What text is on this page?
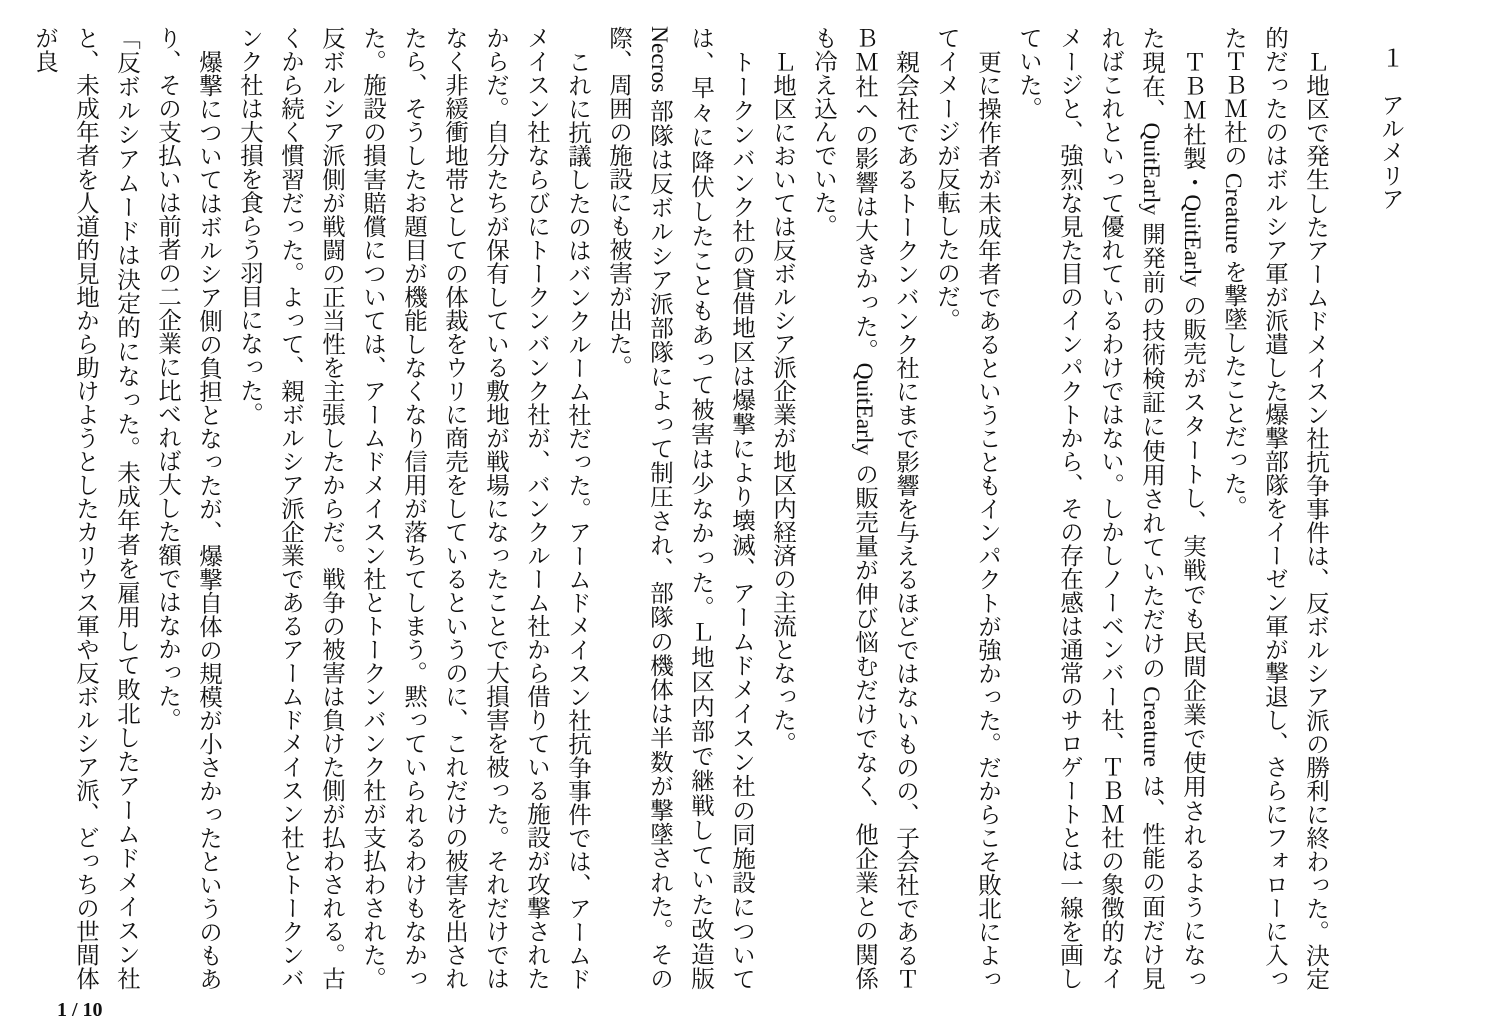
１　アルメリア

Ｌ地区で発生したアームドメイスン社抗争事件は、反ボルシア派の勝利に終わった。決定的だったのはボルシア軍が派遣した爆撃部隊をイーゼン軍が撃退し、さらにフォローに入ったＴＢＭ社の Creature を撃墜したことだった。

ＴＢＭ社製・QuitEarly の販売がスタートし、実戦でも民間企業で使用されるようになった現在、QuitEarly 開発前の技術検証に使用されていただけの Creature は、性能の面だけ見ればこれといって優れているわけではない。しかしノーベンバー社、ＴＢＭ社の象徴的なイメージと、強烈な見た目のインパクトから、その存在感は通常のサロゲートとは一線を画していた。

更に操作者が未成年者であるということもインパクトが強かった。だからこそ敗北によってイメージが反転したのだ。

親会社であるトークンバンク社にまで影響を与えるほどではないものの、子会社であるＴＢＭ社への影響は大きかった。QuitEarly の販売量が伸び悩むだけでなく、他企業との関係も冷え込んでいた。

Ｌ地区においては反ボルシア派企業が地区内経済の主流となった。

トークンバンク社の貸借地区は爆撃により壊滅、アームドメイスン社の同施設については、早々に降伏したこともあって被害は少なかった。Ｌ地区内部で継戦していた改造版 Necros 部隊は反ボルシア派部隊によって制圧され、部隊の機体は半数が撃墜された。その際、周囲の施設にも被害が出た。

これに抗議したのはバンクルーム社だった。アームドメイスン社抗争事件では、アームドメイスン社ならびにトークンバンク社が、バンクルーム社から借りている施設が攻撃されたからだ。自分たちが保有している敷地が戦場になったことで大損害を被った。それだけではなく非緩衝地帯としての体裁をウリに商売をしているというのに、これだけの被害を出されたら、そうしたお題目が機能しなくなり信用が落ちてしまう。黙っていられるわけもなかった。施設の損害賠償については、アームドメイスン社とトークンバンク社が支払わされた。反ボルシア派側が戦闘の正当性を主張したからだ。戦争の被害は負けた側が払わされる。古くから続く慣習だった。よって、親ボルシア派企業であるアームドメイスン社とトークンバンク社は大損を食らう羽目になった。

爆撃についてはボルシア側の負担となったが、爆撃自体の規模が小さかったというのもあり、その支払いは前者の二企業に比べれば大した額ではなかった。

「反ボルシアムードは決定的になった。未成年者を雇用して敗北したアームドメイスン社と、未成年者を人道的見地から助けようとしたカリウス軍や反ボルシア派、どっちの世間体が良

1 / 10
